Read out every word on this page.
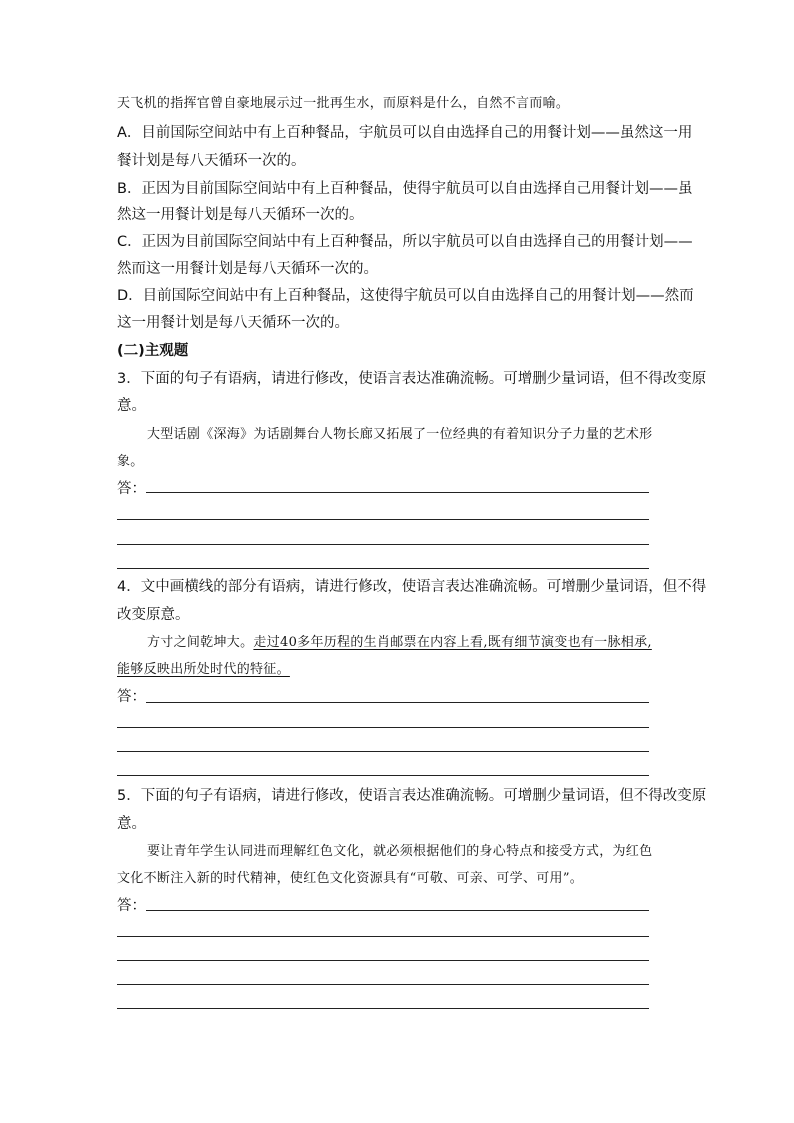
天飞机的指挥官曾自豪地展示过一批再生水，而原料是什么，自然不言而喻。
A．目前国际空间站中有上百种餐品，宇航员可以自由选择自己的用餐计划——虽然这一用
餐计划是每八天循环一次的。
B．正因为目前国际空间站中有上百种餐品，使得宇航员可以自由选择自己用餐计划——虽
然这一用餐计划是每八天循环一次的。
C．正因为目前国际空间站中有上百种餐品，所以宇航员可以自由选择自己的用餐计划——
然而这一用餐计划是每八天循环一次的。
D．目前国际空间站中有上百种餐品，这使得宇航员可以自由选择自己的用餐计划——然而
这一用餐计划是每八天循环一次的。
(二)主观题
3．下面的句子有语病，请进行修改，使语言表达准确流畅。可增删少量词语，但不得改变原
意。
大型话剧《深海》为话剧舞台人物长廊又拓展了一位经典的有着知识分子力量的艺术形
象。
答：
4．文中画横线的部分有语病，请进行修改，使语言表达准确流畅。可增删少量词语，但不得
改变原意。
方寸之间乾坤大。走过40多年历程的生肖邮票在内容上看,既有细节演变也有一脉相承,
能够反映出所处时代的特征。
答：
5．下面的句子有语病，请进行修改，使语言表达准确流畅。可增删少量词语，但不得改变原
意。
要让青年学生认同进而理解红色文化，就必须根据他们的身心特点和接受方式，为红色
文化不断注入新的时代精神，使红色文化资源具有“可敬、可亲、可学、可用”。
答：
